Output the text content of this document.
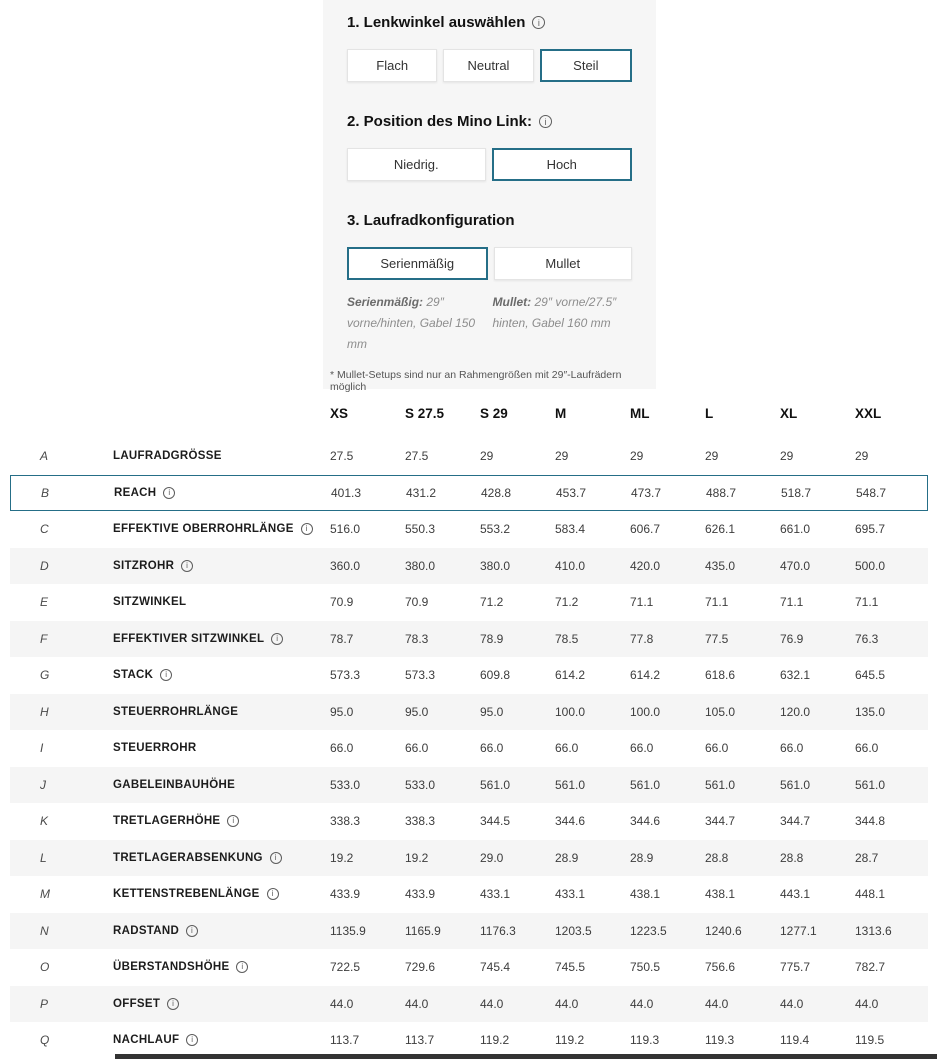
1. Lenkwinkel auswählen	i
Flach	Neutral	Steil
2. Position des Mino Link:	i
Niedrig.	Hoch
3. Laufradkonfiguration
Serienmäßig	Mullet
Serienmäßig: 29″ vorne/hinten, Gabel 150 mm
Mullet: 29″ vorne/27.5″ hinten, Gabel 160 mm
* Mullet-Setups sind nur an Rahmengrößen mit 29″-Laufrädern möglich
XS	S 27.5	S 29	M	ML	L	XL	XXL
A	LAUFRADGRÖSSE	27.5	27.5	29	29	29	29	29	29
B	REACH	i	401.3	431.2	428.8	453.7	473.7	488.7	518.7	548.7
C	EFFEKTIVE OBERROHRLÄNGE	i	516.0	550.3	553.2	583.4	606.7	626.1	661.0	695.7
D	SITZROHR	i	360.0	380.0	380.0	410.0	420.0	435.0	470.0	500.0
E	SITZWINKEL	70.9	70.9	71.2	71.2	71.1	71.1	71.1	71.1
F	EFFEKTIVER SITZWINKEL	i	78.7	78.3	78.9	78.5	77.8	77.5	76.9	76.3
G	STACK	i	573.3	573.3	609.8	614.2	614.2	618.6	632.1	645.5
H	STEUERROHRLÄNGE	95.0	95.0	95.0	100.0	100.0	105.0	120.0	135.0
I	STEUERROHR	66.0	66.0	66.0	66.0	66.0	66.0	66.0	66.0
J	GABELEINBAUHÖHE	533.0	533.0	561.0	561.0	561.0	561.0	561.0	561.0
K	TRETLAGERHÖHE	i	338.3	338.3	344.5	344.6	344.6	344.7	344.7	344.8
L	TRETLAGERABSENKUNG	i	19.2	19.2	29.0	28.9	28.9	28.8	28.8	28.7
M	KETTENSTREBENLÄNGE	i	433.9	433.9	433.1	433.1	438.1	438.1	443.1	448.1
N	RADSTAND	i	1135.9	1165.9	1176.3	1203.5	1223.5	1240.6	1277.1	1313.6
O	ÜBERSTANDSHÖHE	i	722.5	729.6	745.4	745.5	750.5	756.6	775.7	782.7
P	OFFSET	i	44.0	44.0	44.0	44.0	44.0	44.0	44.0	44.0
Q	NACHLAUF	i	113.7	113.7	119.2	119.2	119.3	119.3	119.4	119.5
